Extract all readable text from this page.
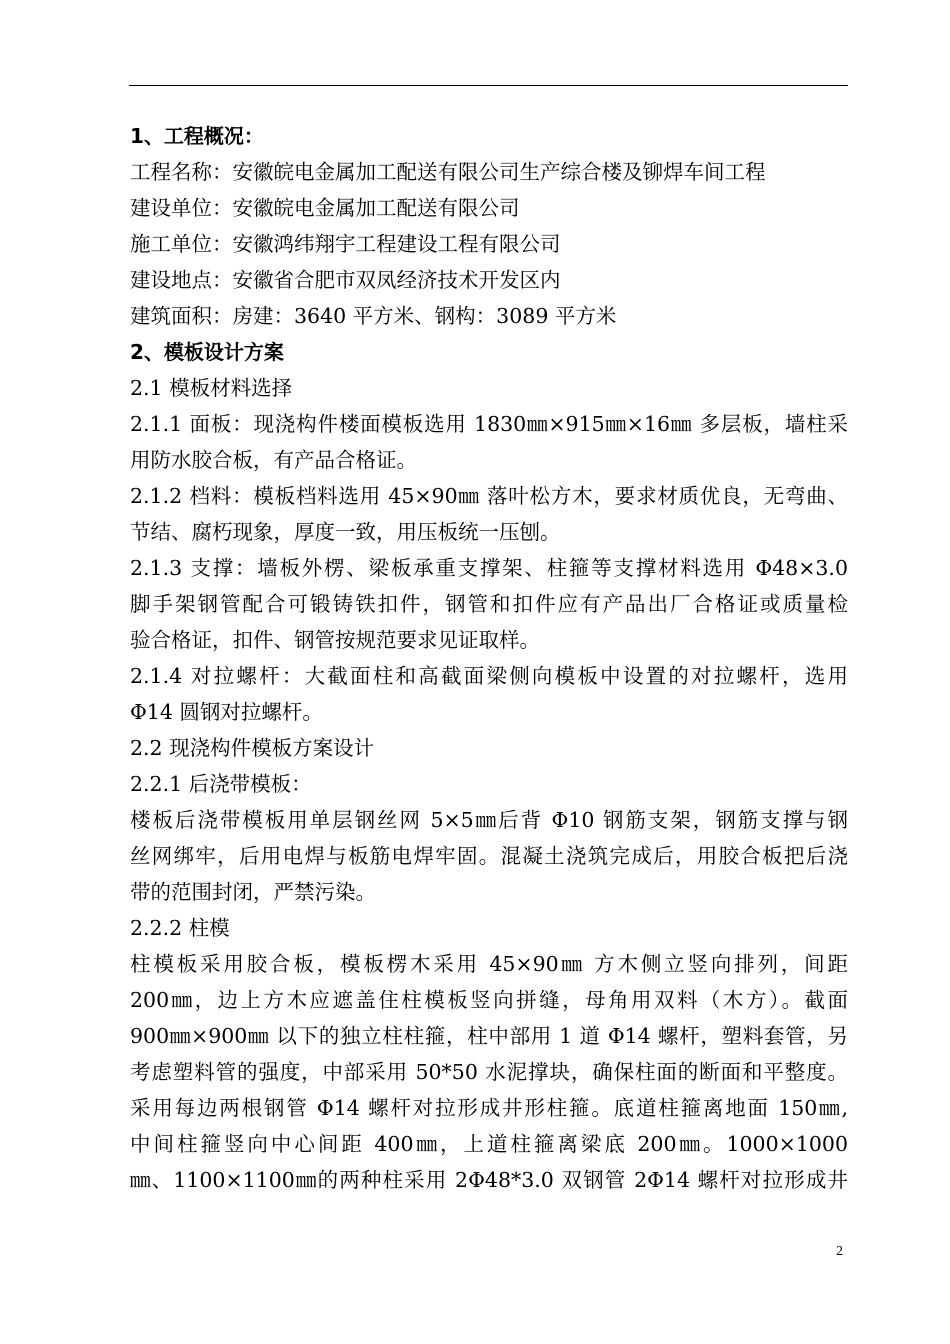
1、工程概况：
工程名称：安徽皖电金属加工配送有限公司生产综合楼及铆焊车间工程
建设单位：安徽皖电金属加工配送有限公司
施工单位：安徽鸿纬翔宇工程建设工程有限公司
建设地点：安徽省合肥市双凤经济技术开发区内
建筑面积：房建：3640 平方米、钢构：3089 平方米
2、模板设计方案
2.1 模板材料选择
2.1.1 面板：现浇构件楼面模板选用 1830㎜×915㎜×16㎜ 多层板，墙柱采
用防水胶合板，有产品合格证。
2.1.2 档料：模板档料选用 45×90㎜ 落叶松方木，要求材质优良，无弯曲、
节结、腐朽现象，厚度一致，用压板统一压刨。
2.1.3 支撑：墙板外楞、梁板承重支撑架、柱箍等支撑材料选用 Φ48×3.0
脚手架钢管配合可锻铸铁扣件，钢管和扣件应有产品出厂合格证或质量检
验合格证，扣件、钢管按规范要求见证取样。
2.1.4 对拉螺杆：大截面柱和高截面梁侧向模板中设置的对拉螺杆，选用
Φ14 圆钢对拉螺杆。
2.2 现浇构件模板方案设计
2.2.1 后浇带模板：
楼板后浇带模板用单层钢丝网 5×5㎜后背 Φ10 钢筋支架，钢筋支撑与钢
丝网绑牢，后用电焊与板筋电焊牢固。混凝土浇筑完成后，用胶合板把后浇
带的范围封闭，严禁污染。
2.2.2 柱模
柱模板采用胶合板，模板楞木采用 45×90㎜ 方木侧立竖向排列，间距
200㎜，边上方木应遮盖住柱模板竖向拼缝，母角用双料（木方）。截面
900㎜×900㎜ 以下的独立柱柱箍，柱中部用 1 道 Φ14 螺杆，塑料套管，另
考虑塑料管的强度，中部采用 50*50 水泥撑块，确保柱面的断面和平整度。
采用每边两根钢管 Φ14 螺杆对拉形成井形柱箍。底道柱箍离地面 150㎜,
中间柱箍竖向中心间距 400㎜，上道柱箍离梁底 200㎜。1000×1000
㎜、1100×1100㎜的两种柱采用 2Φ48*3.0 双钢管 2Φ14 螺杆对拉形成井
2
